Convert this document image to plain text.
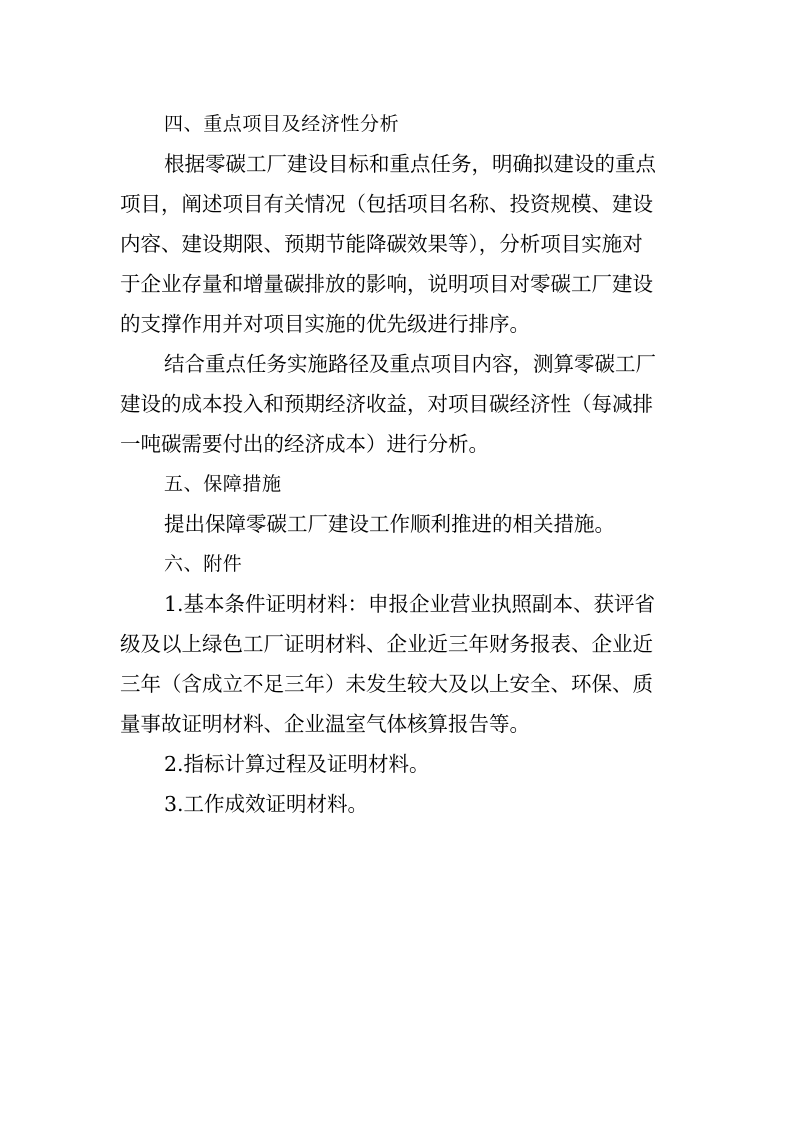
四、重点项目及经济性分析

根据零碳工厂建设目标和重点任务，明确拟建设的重点
项目，阐述项目有关情况（包括项目名称、投资规模、建设
内容、建设期限、预期节能降碳效果等），分析项目实施对
于企业存量和增量碳排放的影响，说明项目对零碳工厂建设
的支撑作用并对项目实施的优先级进行排序。

结合重点任务实施路径及重点项目内容，测算零碳工厂
建设的成本投入和预期经济收益，对项目碳经济性（每减排
一吨碳需要付出的经济成本）进行分析。

五、保障措施

提出保障零碳工厂建设工作顺利推进的相关措施。

六、附件

1.基本条件证明材料：申报企业营业执照副本、获评省
级及以上绿色工厂证明材料、企业近三年财务报表、企业近
三年（含成立不足三年）未发生较大及以上安全、环保、质
量事故证明材料、企业温室气体核算报告等。

2.指标计算过程及证明材料。

3.工作成效证明材料。
